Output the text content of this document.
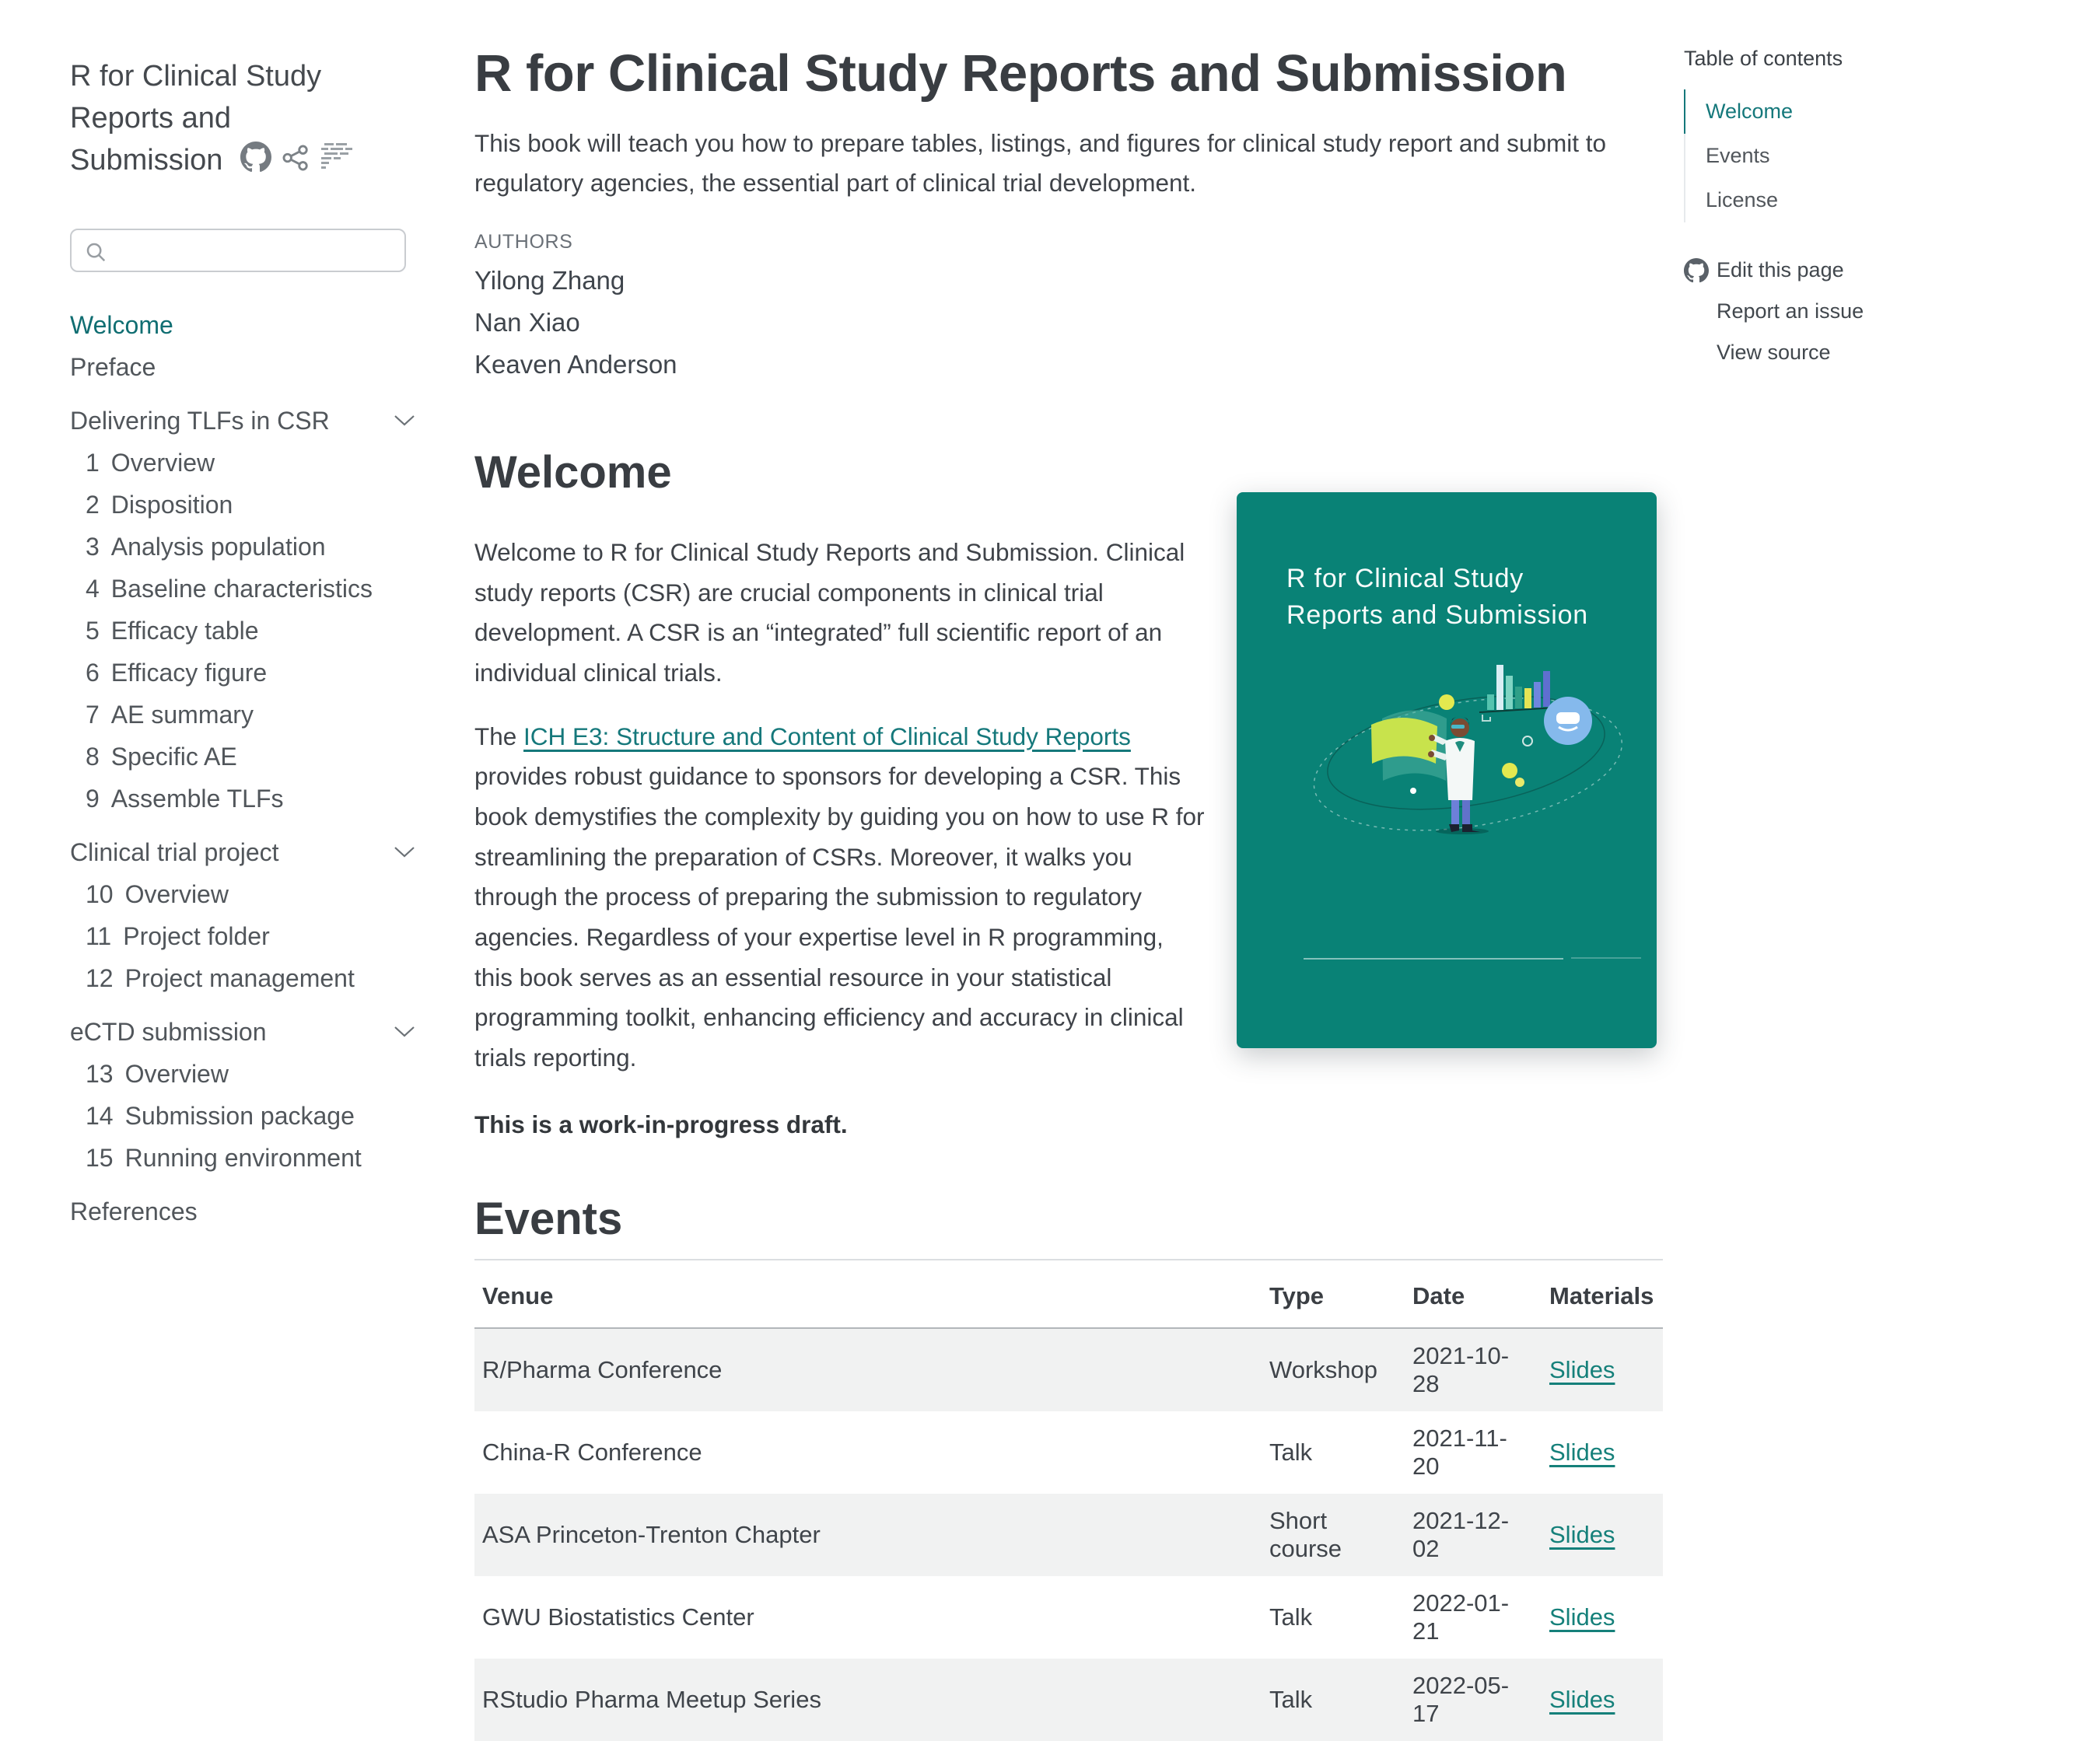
R for Clinical Study Reports and Submission
Welcome
Preface
Delivering TLFs in CSR
1 Overview
2 Disposition
3 Analysis population
4 Baseline characteristics
5 Efficacy table
6 Efficacy figure
7 AE summary
8 Specific AE
9 Assemble TLFs
Clinical trial project
10 Overview
11 Project folder
12 Project management
eCTD submission
13 Overview
14 Submission package
15 Running environment
References
R for Clinical Study Reports and Submission
This book will teach you how to prepare tables, listings, and figures for clinical study report and submit to regulatory agencies, the essential part of clinical trial development.
AUTHORS
Yilong Zhang
Nan Xiao
Keaven Anderson
Welcome

Welcome to R for Clinical Study Reports and Submission. Clinical study reports (CSR) are crucial components in clinical trial development. A CSR is an “integrated” full scientific report of an individual clinical trials.

The ICH E3: Structure and Content of Clinical Study Reports provides robust guidance to sponsors for developing a CSR. This book demystifies the complexity by guiding you on how to use R for streamlining the preparation of CSRs. Moreover, it walks you through the process of preparing the submission to regulatory agencies. Regardless of your expertise level in R programming, this book serves as an essential resource in your statistical programming toolkit, enhancing efficiency and accuracy in clinical trials reporting.

This is a work-in-progress draft.
Events
Venue	Type	Date	Materials
R/Pharma Conference	Workshop	2021-10-28	Slides
China-R Conference	Talk	2021-11-20	Slides
ASA Princeton-Trenton Chapter	Short course	2021-12-02	Slides
GWU Biostatistics Center	Talk	2022-01-21	Slides
RStudio Pharma Meetup Series	Talk	2022-05-17	Slides
R for Clinical Study
Reports and Submission
Table of contents
Welcome
Events
License
Edit this page
Report an issue
View source
